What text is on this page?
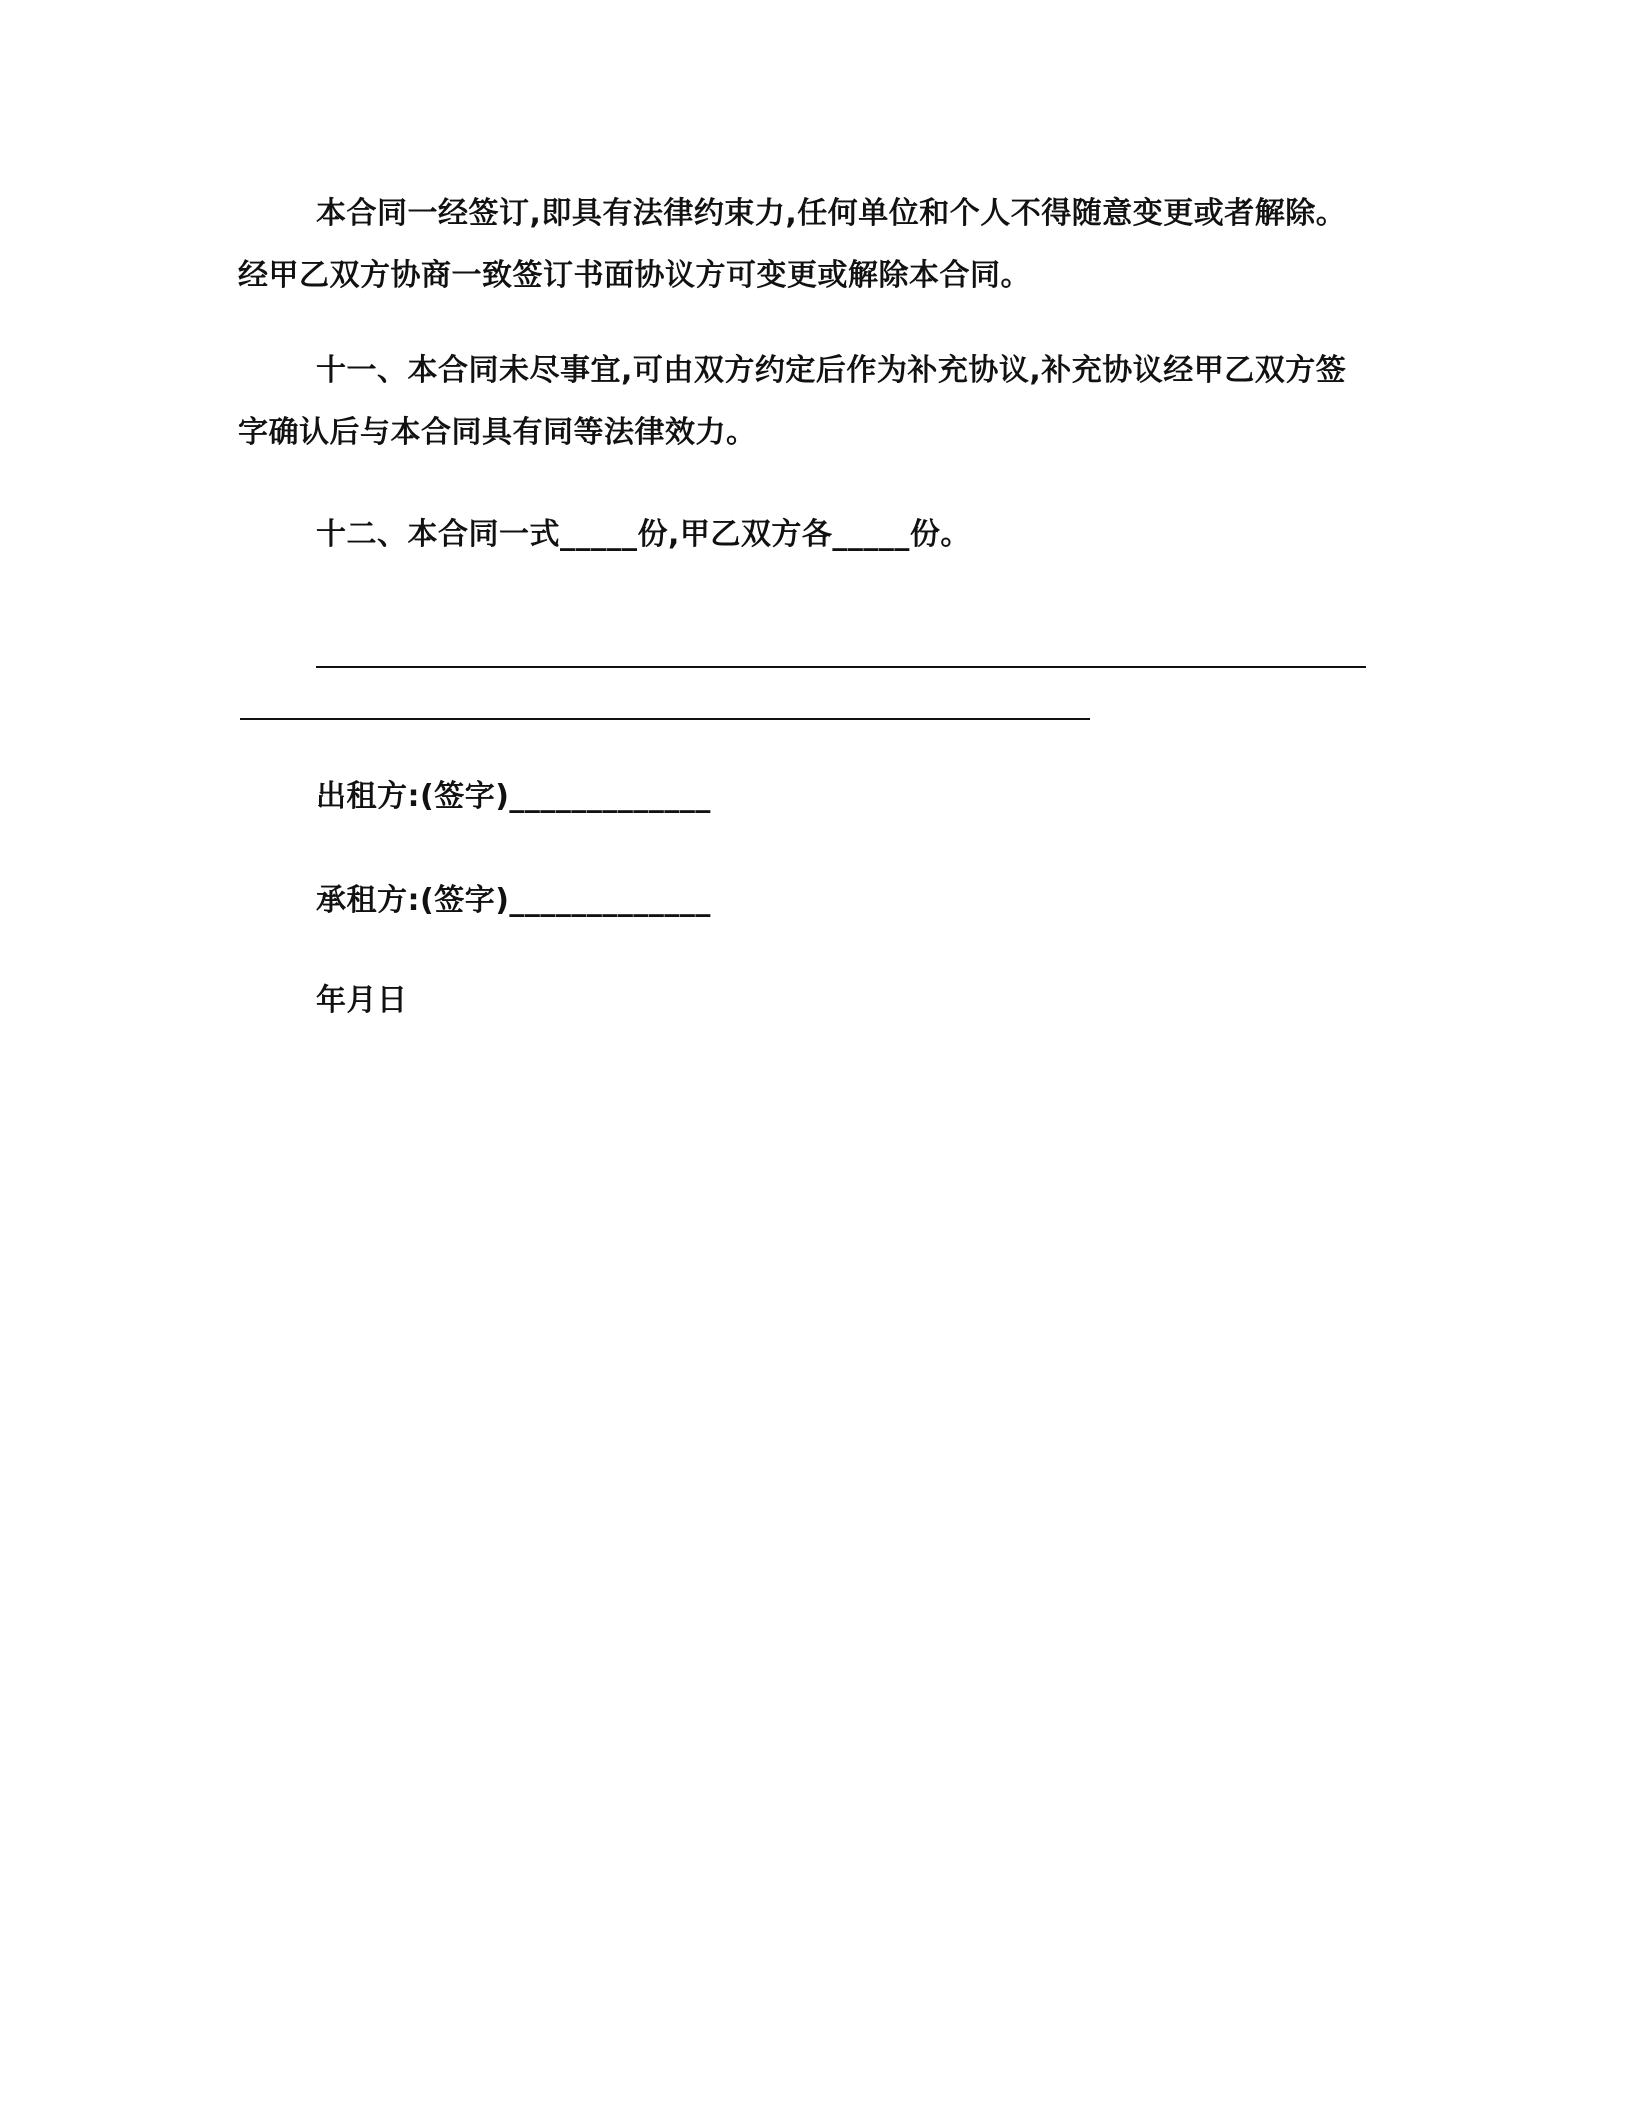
本合同一经签订,即具有法律约束力,任何单位和个人不得随意变更或者解除。
经甲乙双方协商一致签订书面协议方可变更或解除本合同。
十一、本合同未尽事宜,可由双方约定后作为补充协议,补充协议经甲乙双方签
字确认后与本合同具有同等法律效力。
十二、本合同一式_____份,甲乙双方各_____份。
出租方:(签字)_____________
承租方:(签字)_____________
年月日
